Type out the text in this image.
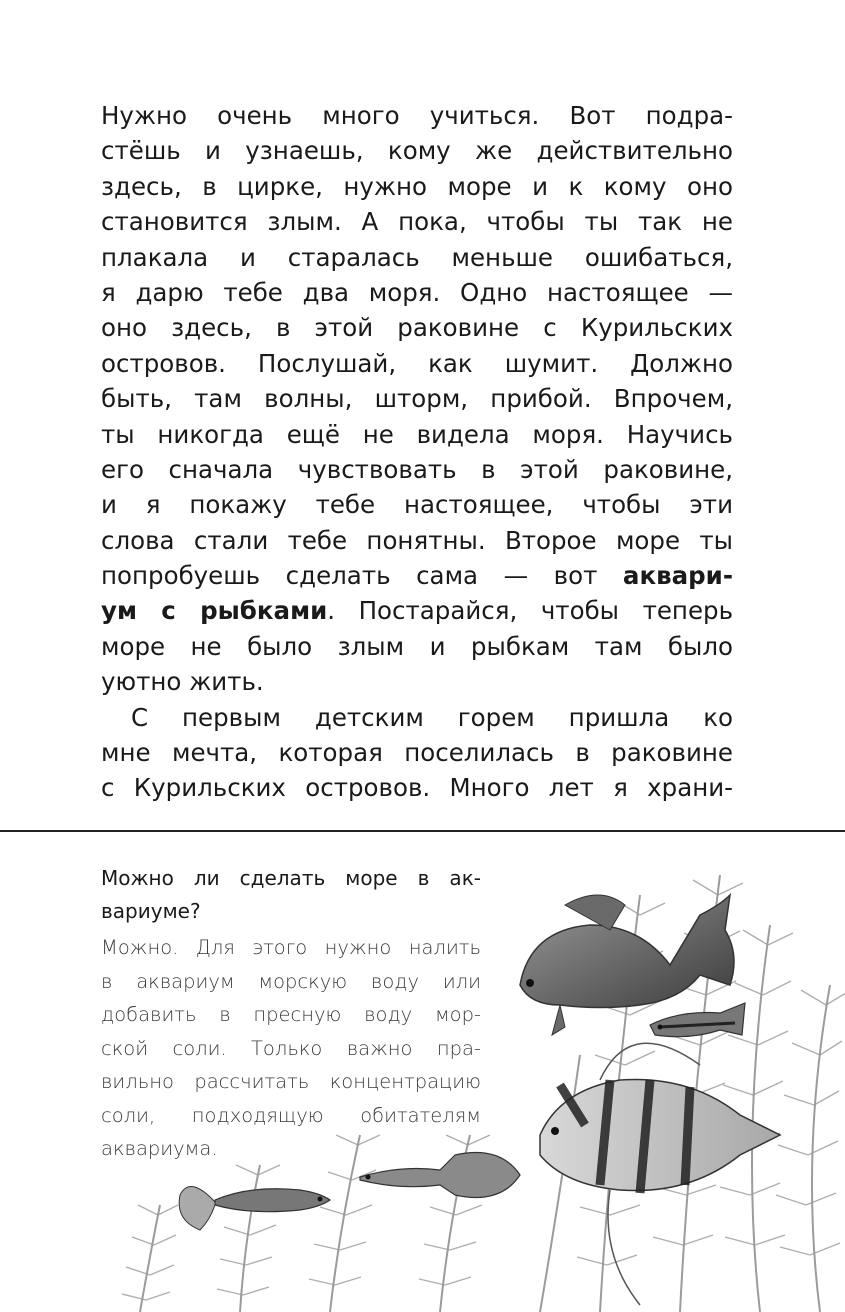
Нужно очень много учиться. Вот подра-
стёшь и узнаешь, кому же действительно
здесь, в цирке, нужно море и к кому оно
становится злым. А пока, чтобы ты так не
плакала и старалась меньше ошибаться,
я дарю тебе два моря. Одно настоящее —
оно здесь, в этой раковине с Курильских
островов. Послушай, как шумит. Должно
быть, там волны, шторм, прибой. Впрочем,
ты никогда ещё не видела моря. Научись
его сначала чувствовать в этой раковине,
и я покажу тебе настоящее, чтобы эти
слова стали тебе понятны. Второе море ты
попробуешь сделать сама — вот аквари-
ум с рыбками. Постарайся, чтобы теперь
море не было злым и рыбкам там было
уютно жить.
С первым детским горем пришла ко
мне мечта, которая поселилась в раковине
с Курильских островов. Много лет я храни-
Можно ли сделать море в ак-
вариуме?
Можно. Для этого нужно налить
в аквариум морскую воду или
добавить в пресную воду мор-
ской соли. Только важно пра-
вильно рассчитать концентрацию
соли, подходящую обитателям
аквариума.
